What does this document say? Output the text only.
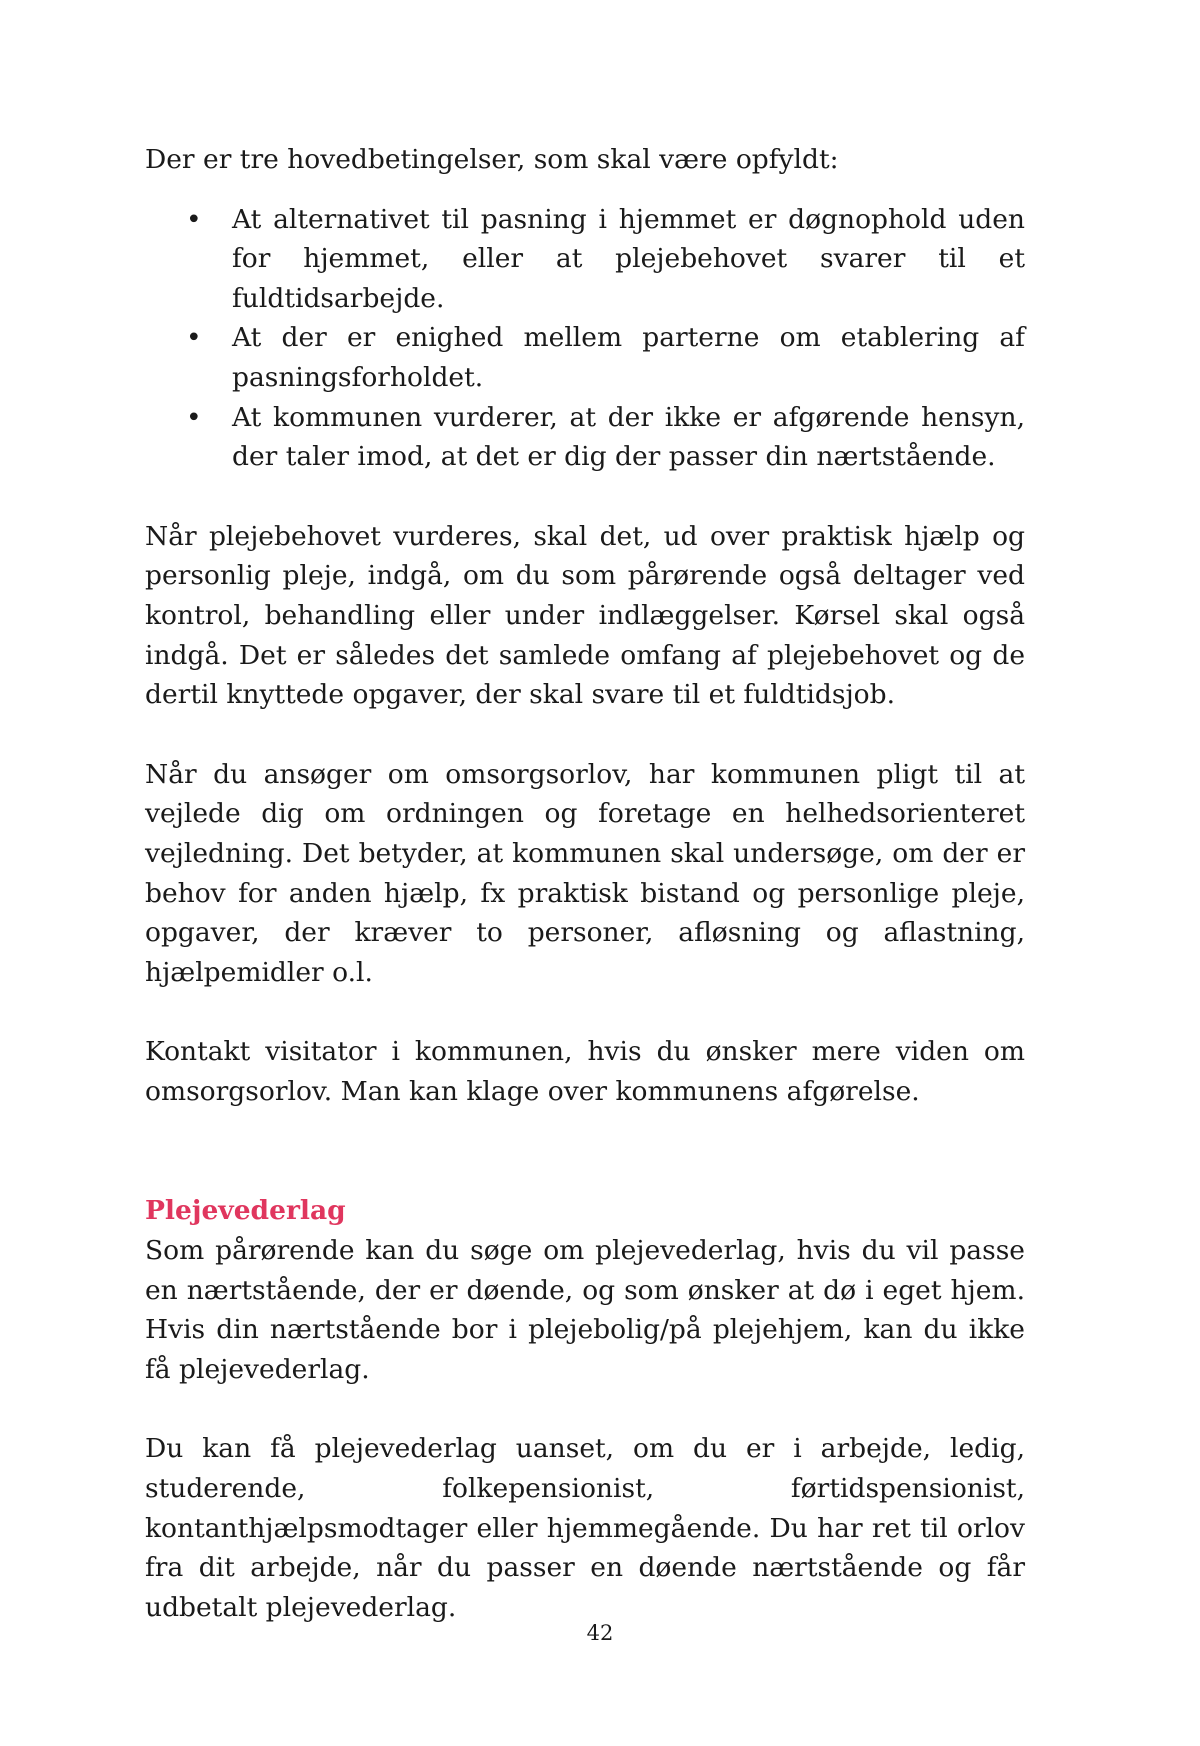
Der er tre hovedbetingelser, som skal være opfyldt:

• At alternativet til pasning i hjemmet er døgnophold uden for hjemmet, eller at plejebehovet svarer til et fuldtidsarbejde.
• At der er enighed mellem parterne om etablering af pasningsforholdet.
• At kommunen vurderer, at der ikke er afgørende hensyn, der taler imod, at det er dig der passer din nærtstående.

Når plejebehovet vurderes, skal det, ud over praktisk hjælp og personlig pleje, indgå, om du som pårørende også deltager ved kontrol, behandling eller under indlæggelser. Kørsel skal også indgå. Det er således det samlede omfang af plejebehovet og de dertil knyttede opgaver, der skal svare til et fuldtidsjob.

Når du ansøger om omsorgsorlov, har kommunen pligt til at vejlede dig om ordningen og foretage en helhedsorienteret vejledning. Det betyder, at kommunen skal undersøge, om der er behov for anden hjælp, fx praktisk bistand og personlige pleje, opgaver, der kræver to personer, afløsning og aflastning, hjælpemidler o.l.

Kontakt visitator i kommunen, hvis du ønsker mere viden om omsorgsorlov. Man kan klage over kommunens afgørelse.

Plejevederlag

Som pårørende kan du søge om plejevederlag, hvis du vil passe en nærtstående, der er døende, og som ønsker at dø i eget hjem. Hvis din nærtstående bor i plejebolig/på plejehjem, kan du ikke få plejevederlag.

Du kan få plejevederlag uanset, om du er i arbejde, ledig, studerende, folkepensionist, førtidspensionist, kontanthjælpsmodtager eller hjemmegående. Du har ret til orlov fra dit arbejde, når du passer en døende nærtstående og får udbetalt plejevederlag.

42
